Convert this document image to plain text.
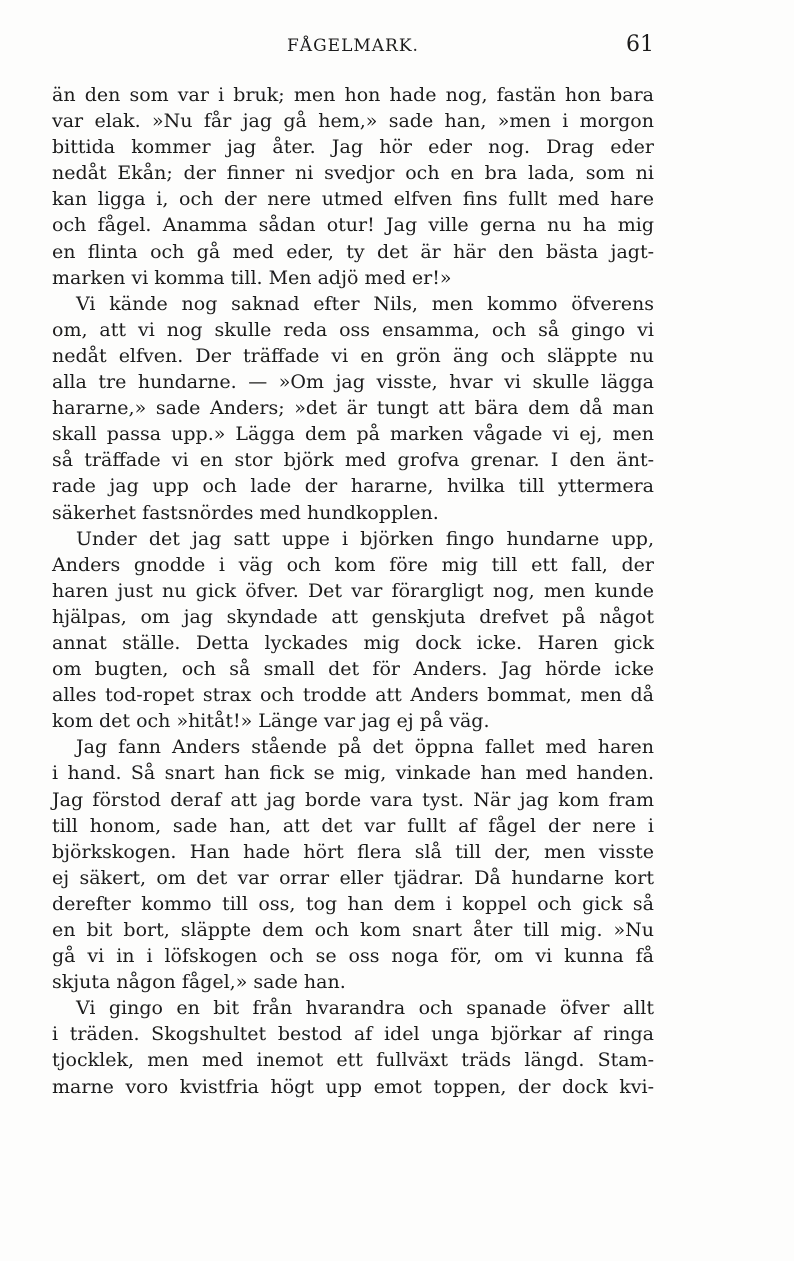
FÅGELMARK.	61
än den som var i bruk; men hon hade nog, fastän hon bara
var elak. »Nu får jag gå hem,» sade han, »men i morgon
bittida kommer jag åter. Jag hör eder nog. Drag eder
nedåt Ekån; der finner ni svedjor och en bra lada, som ni
kan ligga i, och der nere utmed elfven fins fullt med hare
och fågel. Anamma sådan otur! Jag ville gerna nu ha mig
en flinta och gå med eder, ty det är här den bästa jagt-
marken vi komma till. Men adjö med er!»
Vi kände nog saknad efter Nils, men kommo öfverens
om, att vi nog skulle reda oss ensamma, och så gingo vi
nedåt elfven. Der träffade vi en grön äng och släppte nu
alla tre hundarne. — »Om jag visste, hvar vi skulle lägga
hararne,» sade Anders; »det är tungt att bära dem då man
skall passa upp.» Lägga dem på marken vågade vi ej, men
så träffade vi en stor björk med grofva grenar. I den änt-
rade jag upp och lade der hararne, hvilka till yttermera
säkerhet fastsnördes med hundkopplen.
Under det jag satt uppe i björken fingo hundarne upp,
Anders gnodde i väg och kom före mig till ett fall, der
haren just nu gick öfver. Det var förargligt nog, men kunde
hjälpas, om jag skyndade att genskjuta drefvet på något
annat ställe. Detta lyckades mig dock icke. Haren gick
om bugten, och så small det för Anders. Jag hörde icke
alles tod-ropet strax och trodde att Anders bommat, men då
kom det och »hitåt!» Länge var jag ej på väg.
Jag fann Anders stående på det öppna fallet med haren
i hand. Så snart han fick se mig, vinkade han med handen.
Jag förstod deraf att jag borde vara tyst. När jag kom fram
till honom, sade han, att det var fullt af fågel der nere i
björkskogen. Han hade hört flera slå till der, men visste
ej säkert, om det var orrar eller tjädrar. Då hundarne kort
derefter kommo till oss, tog han dem i koppel och gick så
en bit bort, släppte dem och kom snart åter till mig. »Nu
gå vi in i löfskogen och se oss noga för, om vi kunna få
skjuta någon fågel,» sade han.
Vi gingo en bit från hvarandra och spanade öfver allt
i träden. Skogshultet bestod af idel unga björkar af ringa
tjocklek, men med inemot ett fullväxt träds längd. Stam-
marne voro kvistfria högt upp emot toppen, der dock kvi-
